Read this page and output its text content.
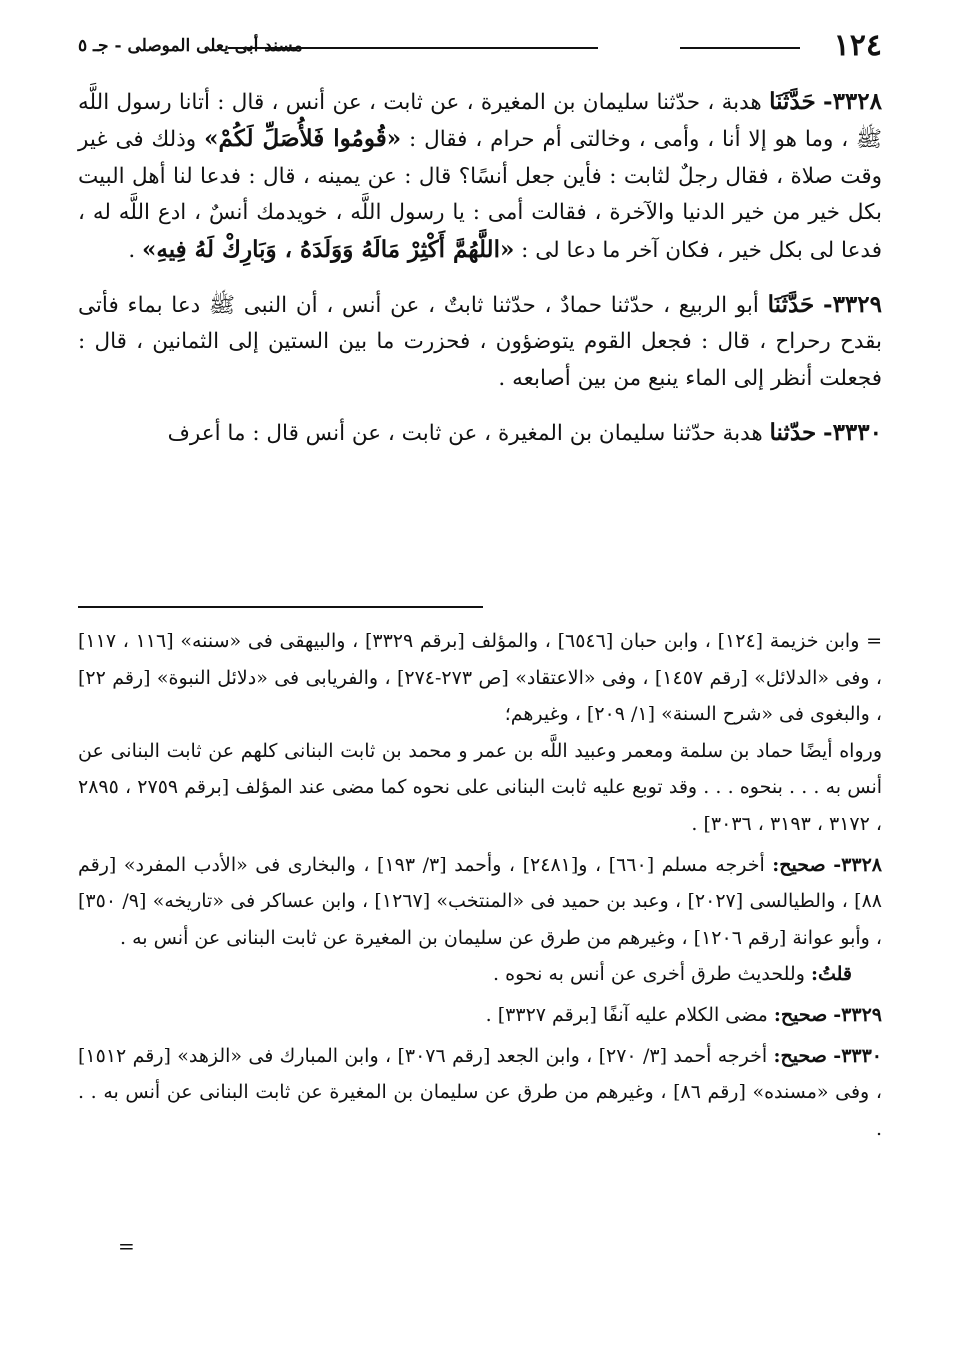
١٢٤
مسند أبى يعلى الموصلى - جـ ٥

٣٣٢٨- حَدَّثَنَا هدبة ، حدّثنا سليمان بن المغيرة ، عن ثابت ، عن أنس ، قال : أتانا رسول اللَّه ﷺ ، وما هو إلا أنا ، وأمى ، وخالتى أم حرام ، فقال : «قُومُوا فَلأُصَلِّ لَكُمْ» وذلك فى غير وقت صلاة ، فقال رجلٌ لثابت : فأين جعل أنسًا؟ قال : عن يمينه ، قال : فدعا لنا أهل البيت بكل خير من خير الدنيا والآخرة ، فقالت أمى : يا رسول اللَّه ، خويدمك أنسٌ ، ادع اللَّه له ، فدعا لى بكل خير ، فكان آخر ما دعا لى : «اللَّهُمَّ أَكْثِرْ مَالَهُ وَوَلَدَهُ ، وَبَارِكْ لَهُ فِيهِ» .

٣٣٢٩- حَدَّثَنَا أبو الربيع ، حدّثنا حمادٌ ، حدّثنا ثابتٌ ، عن أنس ، أن النبى ﷺ دعا بماء فأتى بقدح رحراح ، قال : فجعل القوم يتوضؤون ، فحزرت ما بين الستين إلى الثمانين ، قال : فجعلت أنظر إلى الماء ينبع من بين أصابعه .

٣٣٣٠- حدّثنا هدبة حدّثنا سليمان بن المغيرة ، عن ثابت ، عن أنس قال : ما أعرف

= وابن خزيمة [١٢٤] ، وابن حبان [٦٥٤٦] ، والمؤلف [برقم ٣٣٢٩] ، والبيهقى فى «سننه» [١١٦ ، ١١٧] ، وفى «الدلائل» [رقم ١٤٥٧] ، وفى «الاعتقاد» [ص ٢٧٣-٢٧٤] ، والفريابى فى «دلائل النبوة» [رقم ٢٢] ، والبغوى فى «شرح السنة» [١/ ٢٠٩] ، وغيرهم؛
ورواه أيضًا حماد بن سلمة ومعمر وعبيد اللَّه بن عمر و محمد بن ثابت البنانى كلهم عن ثابت البنانى عن أنس به . . . بنحوه . . . وقد توبع عليه ثابت البنانى على نحوه كما مضى عند المؤلف [برقم ٢٧٥٩ ، ٢٨٩٥ ، ٣١٧٢ ، ٣١٩٣ ، ٣٠٣٦] .

٣٣٢٨- صحيح: أخرجه مسلم [٦٦٠] ، و[٢٤٨١] ، وأحمد [٣/ ١٩٣] ، والبخارى فى «الأدب المفرد» [رقم ٨٨] ، والطيالسى [٢٠٢٧] ، وعبد بن حميد فى «المنتخب» [١٢٦٧] ، وابن عساكر فى «تاريخه» [٩/ ٣٥٠] ، وأبو عوانة [رقم ١٢٠٦] ، وغيرهم من طرق عن سليمان بن المغيرة عن ثابت البنانى عن أنس به .
قلتُ: وللحديث طرق أخرى عن أنس به نحوه .

٣٣٢٩- صحيح: مضى الكلام عليه آنفًا [برقم ٣٣٢٧] .

٣٣٣٠- صحيح: أخرجه أحمد [٣/ ٢٧٠] ، وابن الجعد [رقم ٣٠٧٦] ، وابن المبارك فى «الزهد» [رقم ١٥١٢] ، وفى «مسنده» [رقم ٨٦] ، وغيرهم من طرق عن سليمان بن المغيرة عن ثابت البنانى عن أنس به . . .

=
